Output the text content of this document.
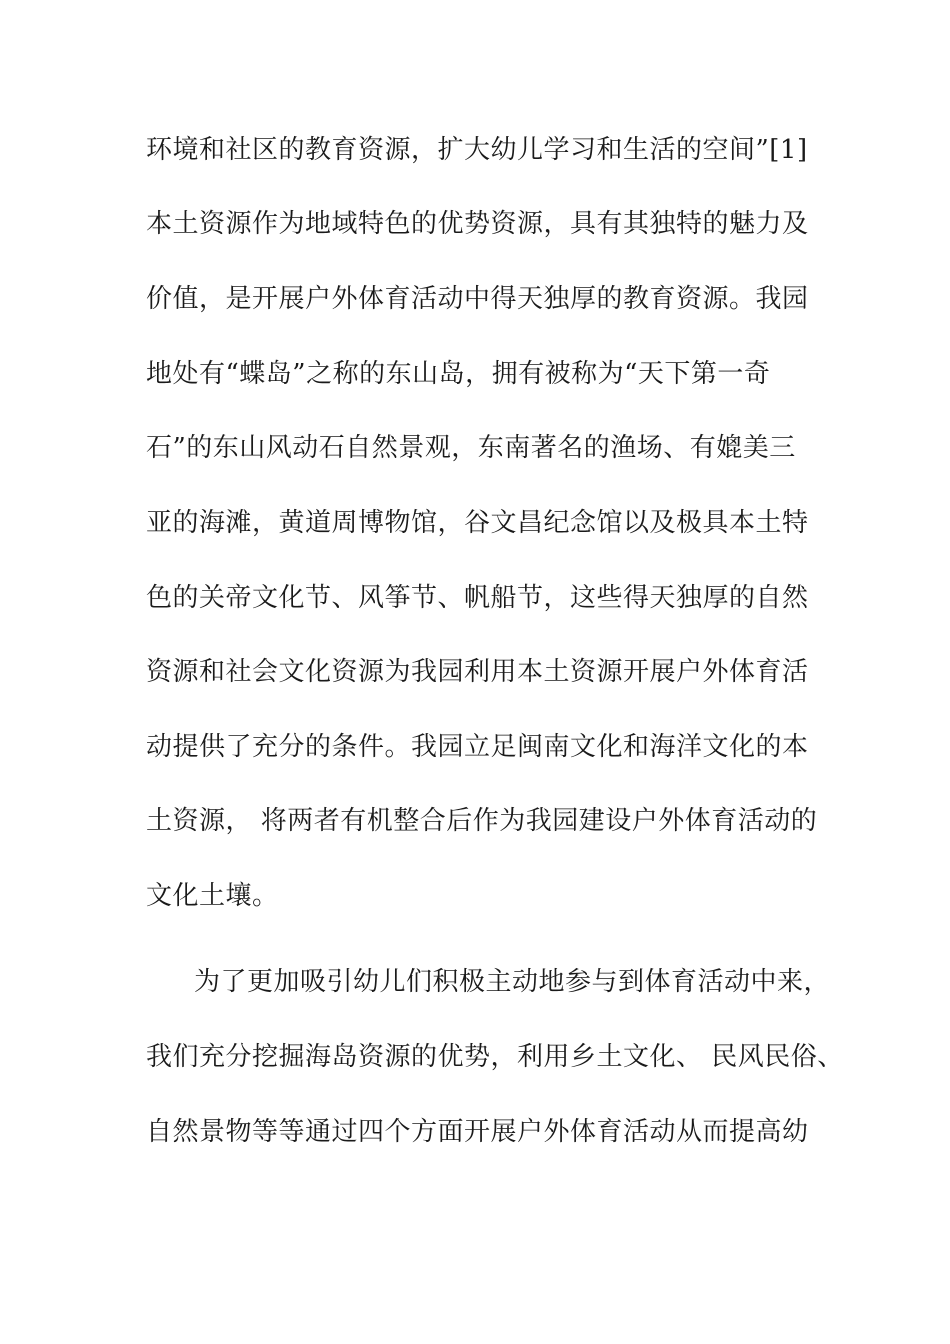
环境和社区的教育资源，扩大幼儿学习和生活的空间”[1]

本土资源作为地域特色的优势资源，具有其独特的魅力及

价值，是开展户外体育活动中得天独厚的教育资源。我园

地处有“蝶岛”之称的东山岛，拥有被称为“天下第一奇

石”的东山风动石自然景观，东南著名的渔场、有媲美三

亚的海滩，黄道周博物馆，谷文昌纪念馆以及极具本土特

色的关帝文化节、风筝节、帆船节，这些得天独厚的自然

资源和社会文化资源为我园利用本土资源开展户外体育活

动提供了充分的条件。我园立足闽南文化和海洋文化的本

土资源， 将两者有机整合后作为我园建设户外体育活动的

文化土壤。

为了更加吸引幼儿们积极主动地参与到体育活动中来，

我们充分挖掘海岛资源的优势，利用乡土文化、 民风民俗、

自然景物等等通过四个方面开展户外体育活动从而提高幼
